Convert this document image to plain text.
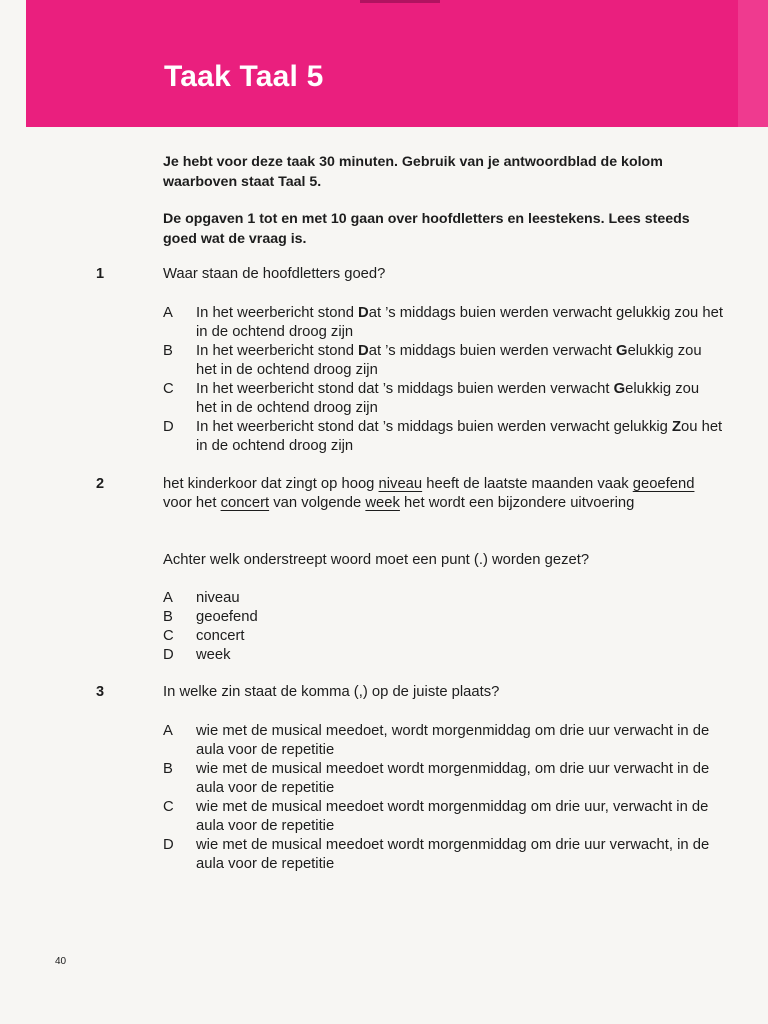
Taak Taal 5
Je hebt voor deze taak 30 minuten. Gebruik van je antwoordblad de kolom waarboven staat Taal 5.
De opgaven 1 tot en met 10 gaan over hoofdletters en leestekens. Lees steeds goed wat de vraag is.
1	Waar staan de hoofdletters goed?
A In het weerbericht stond Dat ’s middags buien werden verwacht gelukkig zou het in de ochtend droog zijn
B In het weerbericht stond Dat ’s middags buien werden verwacht Gelukkig zou het in de ochtend droog zijn
C In het weerbericht stond dat ’s middags buien werden verwacht Gelukkig zou het in de ochtend droog zijn
D In het weerbericht stond dat ’s middags buien werden verwacht gelukkig Zou het in de ochtend droog zijn
2	het kinderkoor dat zingt op hoog niveau heeft de laatste maanden vaak geoefend voor het concert van volgende week het wordt een bijzondere uitvoering
Achter welk onderstreept woord moet een punt (.) worden gezet?
A niveau
B geoefend
C concert
D week
3	In welke zin staat de komma (,) op de juiste plaats?
A wie met de musical meedoet, wordt morgenmiddag om drie uur verwacht in de aula voor de repetitie
B wie met de musical meedoet wordt morgenmiddag, om drie uur verwacht in de aula voor de repetitie
C wie met de musical meedoet wordt morgenmiddag om drie uur, verwacht in de aula voor de repetitie
D wie met de musical meedoet wordt morgenmiddag om drie uur verwacht, in de aula voor de repetitie
40
